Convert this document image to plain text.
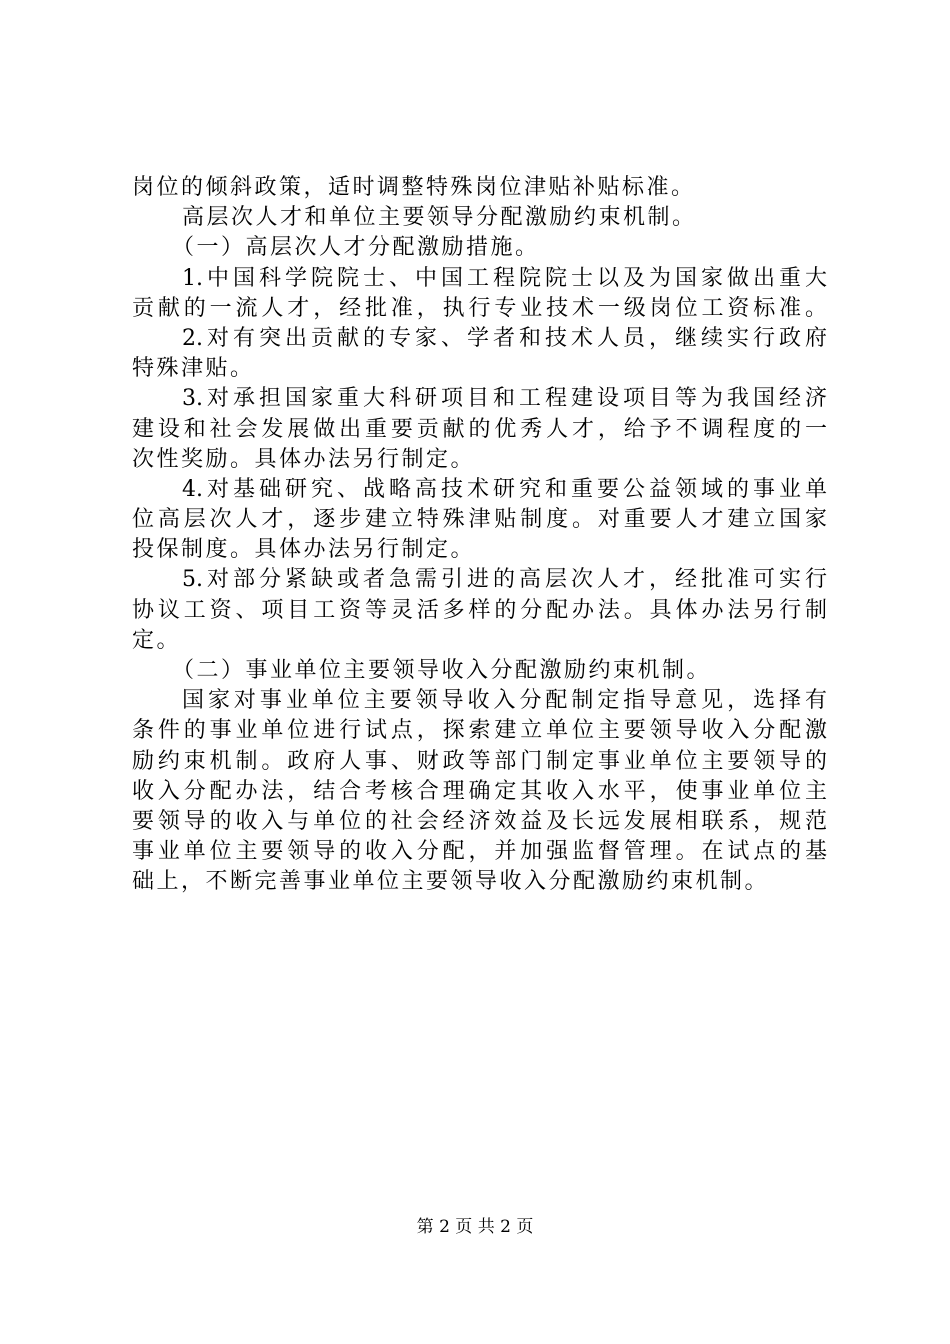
岗位的倾斜政策，适时调整特殊岗位津贴补贴标准。
高层次人才和单位主要领导分配激励约束机制。
（一）高层次人才分配激励措施。
1.中国科学院院士、中国工程院院士以及为国家做出重大
贡献的一流人才，经批准，执行专业技术一级岗位工资标准。
2.对有突出贡献的专家、学者和技术人员，继续实行政府
特殊津贴。
3.对承担国家重大科研项目和工程建设项目等为我国经济
建设和社会发展做出重要贡献的优秀人才，给予不调程度的一
次性奖励。具体办法另行制定。
4.对基础研究、战略高技术研究和重要公益领域的事业单
位高层次人才，逐步建立特殊津贴制度。对重要人才建立国家
投保制度。具体办法另行制定。
5.对部分紧缺或者急需引进的高层次人才，经批准可实行
协议工资、项目工资等灵活多样的分配办法。具体办法另行制
定。
（二）事业单位主要领导收入分配激励约束机制。
国家对事业单位主要领导收入分配制定指导意见，选择有
条件的事业单位进行试点，探索建立单位主要领导收入分配激
励约束机制。政府人事、财政等部门制定事业单位主要领导的
收入分配办法，结合考核合理确定其收入水平，使事业单位主
要领导的收入与单位的社会经济效益及长远发展相联系，规范
事业单位主要领导的收入分配，并加强监督管理。在试点的基
础上，不断完善事业单位主要领导收入分配激励约束机制。
第 2 页 共 2 页
